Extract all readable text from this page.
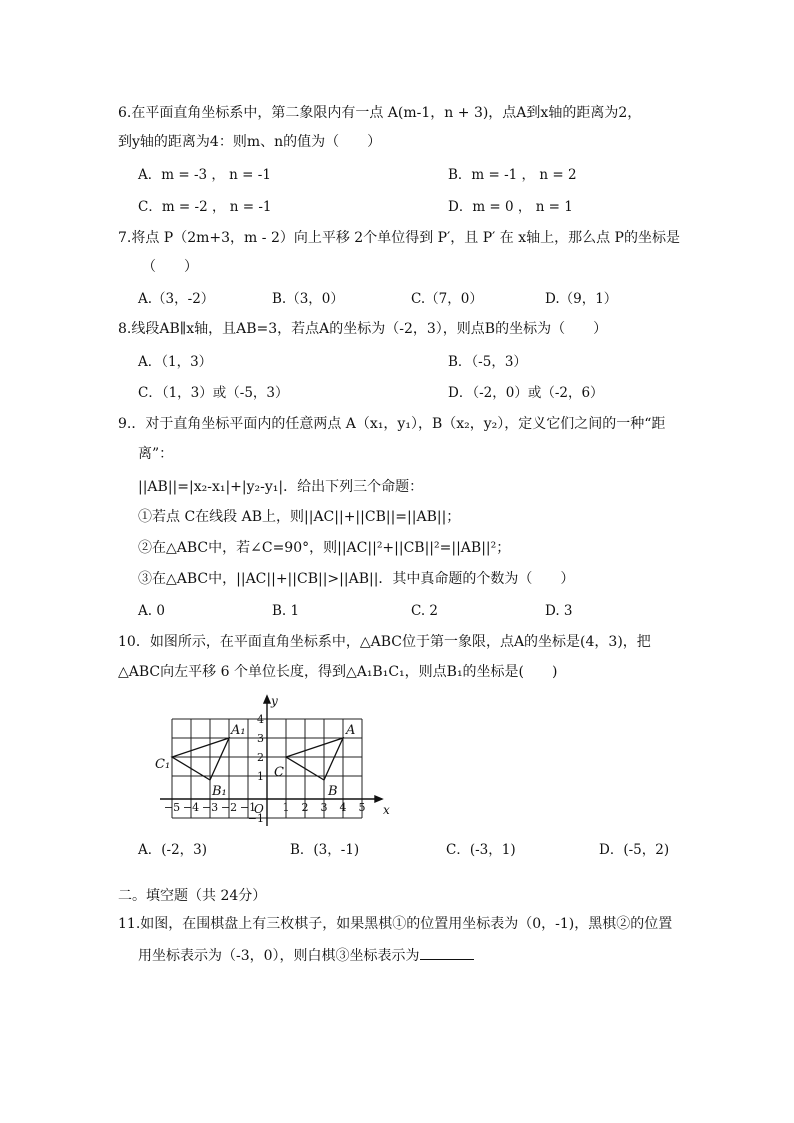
6.在平面直角坐标系中，第二象限内有一点 A(m-1，n + 3)，点A到x轴的距离为2，
到y轴的距离为4：则m、n的值为（　　）
A．m = -3 ， n = -1	B．m = -1 ， n = 2
C．m = -2 ， n = -1	D．m = 0 ， n = 1
7.将点 P（2m+3，m - 2）向上平移 2个单位得到 P′，且 P′ 在 x轴上，那么点 P的坐标是
（　　）
A.（3，-2）	B.（3，0）	C.（7，0）	D.（9，1）
8.线段AB∥x轴，且AB=3，若点A的坐标为（-2，3），则点B的坐标为（　　）
A．（1，3）	B．（-5，3）
C．（1，3）或（-5，3）	D．（-2，0）或（-2，6）
9.．对于直角坐标平面内的任意两点 A（x₁，y₁），B（x₂，y₂），定义它们之间的一种“距
离”：
||AB||=|x₂-x₁|+|y₂-y₁|．给出下列三个命题：
①若点 C在线段 AB上，则||AC||+||CB||=||AB||；
②在△ABC中，若∠C=90°，则||AC||²+||CB||²=||AB||²；
③在△ABC中，||AC||+||CB||>||AB||．其中真命题的个数为（　　）
A. 0	B. 1	C. 2	D. 3
10．如图所示，在平面直角坐标系中，△ABC位于第一象限，点A的坐标是(4，3)，把
△ABC向左平移 6 个单位长度，得到△A₁B₁C₁，则点B₁的坐标是(　　)
y
x
O
−5 −4 −3 −2 −1 1 2 3 4 5
4
3
2
1
−1
A
B
C
A₁
B₁
C₁
A．(-2，3)	B．(3，-1)	C．(-3，1)	D．(-5，2)
二。填空题（共 24分）
11.如图，在围棋盘上有三枚棋子，如果黑棋①的位置用坐标表为（0，-1)，黑棋②的位置
用坐标表示为（-3，0），则白棋③坐标表示为
